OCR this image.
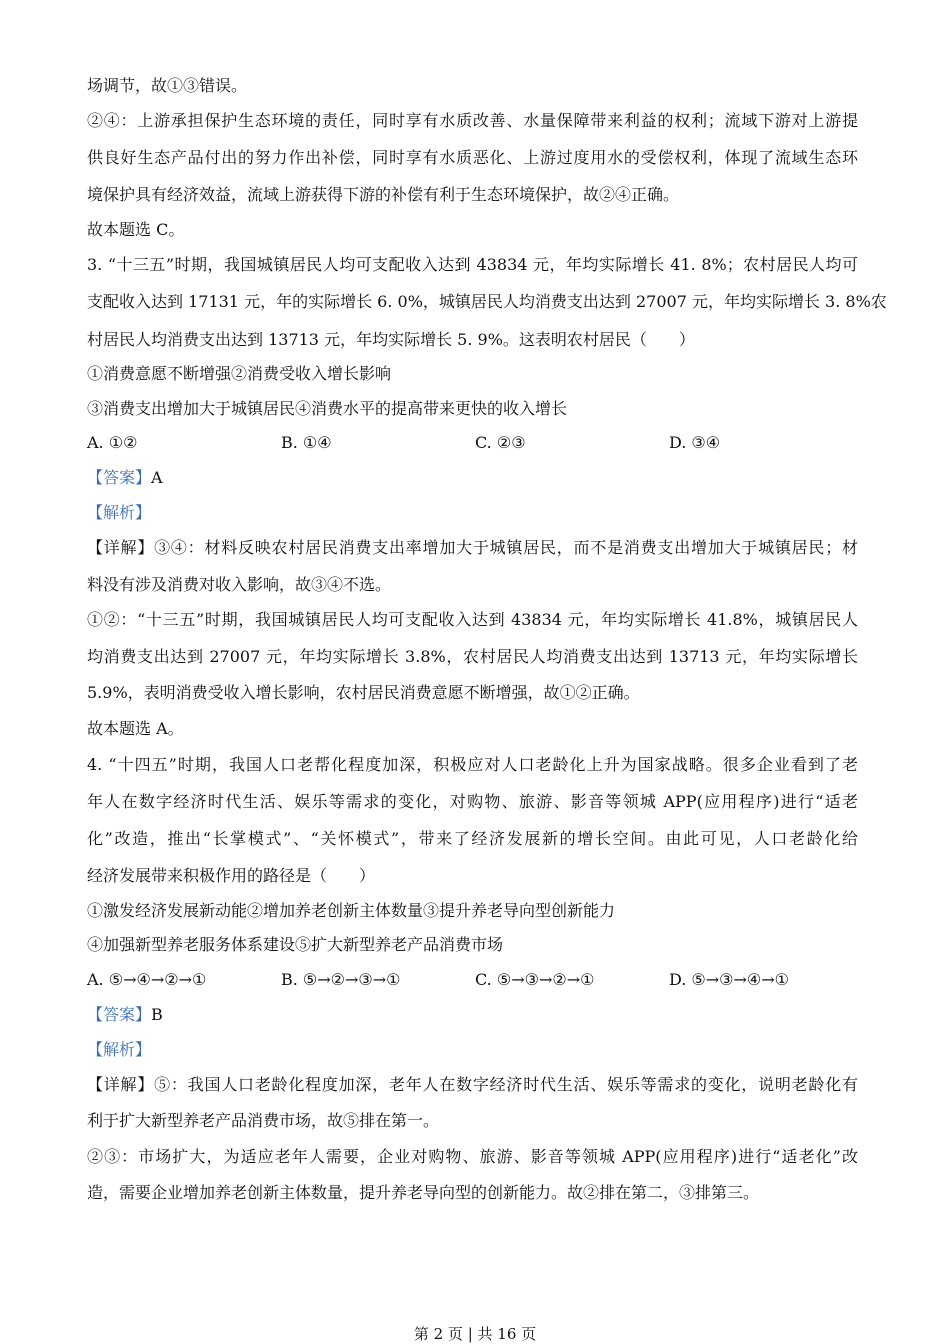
场调节，故①③错误。
②④：上游承担保护生态环境的责任，同时享有水质改善、水量保障带来利益的权利；流域下游对上游提
供良好生态产品付出的努力作出补偿，同时享有水质恶化、上游过度用水的受偿权利，体现了流域生态环
境保护具有经济效益，流域上游获得下游的补偿有利于生态环境保护，故②④正确。
故本题选 C。
3. “十三五”时期，我国城镇居民人均可支配收入达到 43834 元，年均实际增长 41. 8%；农村居民人均可
支配收入达到 17131 元，年的实际增长 6. 0%，城镇居民人均消费支出达到 27007 元，年均实际增长 3. 8%农
村居民人均消费支出达到 13713 元，年均实际增长 5. 9%。这表明农村居民（　　）
①消费意愿不断增强②消费受收入增长影响
③消费支出增加大于城镇居民④消费水平的提高带来更快的收入增长
A. ①②	B. ①④	C. ②③	D. ③④
【答案】A
【解析】
【详解】③④：材料反映农村居民消费支出率增加大于城镇居民，而不是消费支出增加大于城镇居民；材
料没有涉及消费对收入影响，故③④不选。
①②：“十三五”时期，我国城镇居民人均可支配收入达到 43834 元，年均实际增长 41.8%，城镇居民人
均消费支出达到 27007 元，年均实际增长 3.8%，农村居民人均消费支出达到 13713 元，年均实际增长
5.9%，表明消费受收入增长影响，农村居民消费意愿不断增强，故①②正确。
故本题选 A。
4. “十四五”时期，我国人口老帮化程度加深，积极应对人口老龄化上升为国家战略。很多企业看到了老
年人在数字经济时代生活、娱乐等需求的变化，对购物、旅游、影音等领城 APP(应用程序)进行“适老
化”改造，推出“长掌模式”、“关怀模式”，带来了经济发展新的增长空间。由此可见，人口老龄化给
经济发展带来积极作用的路径是（　　）
①激发经济发展新动能②增加养老创新主体数量③提升养老导向型创新能力
④加强新型养老服务体系建设⑤扩大新型养老产品消费市场
A. ⑤→④→②→①	B. ⑤→②→③→①	C. ⑤→③→②→①	D. ⑤→③→④→①
【答案】B
【解析】
【详解】⑤：我国人口老龄化程度加深，老年人在数字经济时代生活、娱乐等需求的变化，说明老龄化有
利于扩大新型养老产品消费市场，故⑤排在第一。
②③：市场扩大，为适应老年人需要，企业对购物、旅游、影音等领城 APP(应用程序)进行“适老化”改
造，需要企业增加养老创新主体数量，提升养老导向型的创新能力。故②排在第二，③排第三。
第 2 页 | 共 16 页
